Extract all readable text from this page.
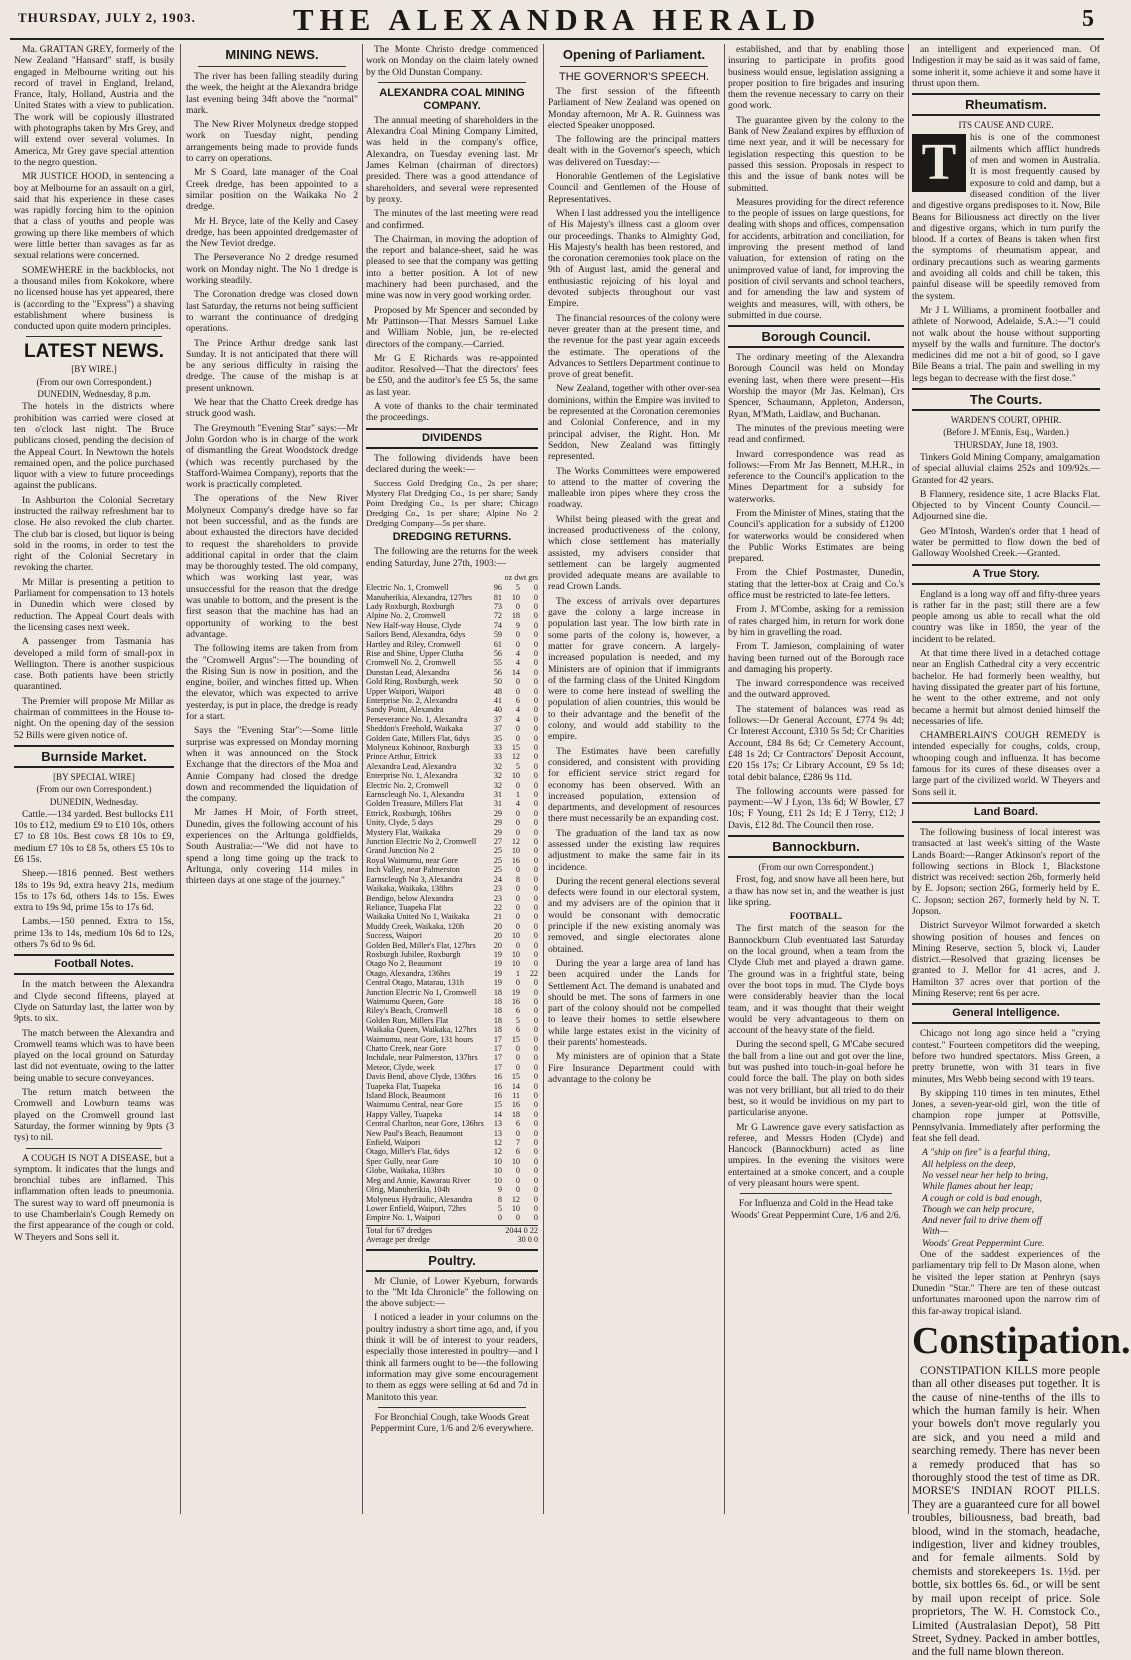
THURSDAY, JULY 2, 1903.	THE ALEXANDRA HERALD	5

Ma. GRATTAN GREY, formerly of the New Zealand "Hansard" staff, is busily engaged in Melbourne writing out his record of travel in England, Ireland, France, Italy, Holland, Austria and the United States with a view to publication. The work will be copiously illustrated with photographs taken by Mrs Grey, and will extend over several volumes. In America, Mr Grey gave special attention to the negro question.

MR JUSTICE HOOD, in sentencing a boy at Melbourne for an assault on a girl, said that his experience in these cases was rapidly forcing him to the opinion that a class of youths and people was growing up there like members of which were little better than savages as far as sexual relations were concerned.

SOMEWHERE in the backblocks, not a thousand miles from Kokokore, where no licensed house has yet appeared, there is (according to the "Express") a shaving establishment where business is conducted upon quite modern principles.

LATEST NEWS.
[BY WIRE.]
(From our own Correspondent.)
DUNEDIN, Wednesday, 8 p.m.

The hotels in the districts where prohibition was carried were closed at ten o'clock last night. The Bruce publicans closed, pending the decision of the Appeal Court. In Newtown the hotels remained open, and the police purchased liquor with a view to future proceedings against the publicans.

In Ashburton the Colonial Secretary instructed the railway refreshment bar to close. He also revoked the club charter. The club bar is closed, but liquor is being sold in the rooms, in order to test the right of the Colonial Secretary in revoking the charter.

Mr Millar is presenting a petition to Parliament for compensation to 13 hotels in Dunedin which were closed by reduction. The Appeal Court deals with the licensing cases next week.

A passenger from Tasmania has developed a mild form of small-pox in Wellington. There is another suspicious case. Both patients have been strictly quarantined.

The Premier will propose Mr Millar as chairman of committees in the House to-night. On the opening day of the session 52 Bills were given notice of.

Burnside Market.
[BY SPECIAL WIRE]
(From our own Correspondent.)
DUNEDIN, Wednesday.

Cattle.—134 yarded. Best bullocks £11 10s to £12, medium £9 to £10 10s, others £7 to £8 10s. Best cows £8 10s to £9, medium £7 10s to £8 5s, others £5 10s to £6 15s.

Sheep.—1816 penned. Best wethers 18s to 19s 9d, extra heavy 21s, medium 15s to 17s 6d, others 14s to 15s. Ewes extra to 19s 9d, prime 15s to 17s 6d.

Lambs.—150 penned. Extra to 15s, prime 13s to 14s, medium 10s 6d to 12s, others 7s 6d to 9s 6d.

Football Notes.

In the match between the Alexandra and Clyde second fifteens, played at Clyde on Saturday last, the latter won by 9pts. to six.

The match between the Alexandra and Cromwell teams which was to have been played on the local ground on Saturday last did not eventuate, owing to the latter being unable to secure conveyances.

The return match between the Cromwell and Lowburn teams was played on the Cromwell ground last Saturday, the former winning by 9pts (3 tys) to nil.

A COUGH IS NOT A DISEASE, but a symptom. It indicates that the lungs and bronchial tubes are inflamed. This inflammation often leads to pneumonia. The surest way to ward off pneumonia is to use Chamberlain's Cough Remedy on the first appearance of the cough or cold. W Theyers and Sons sell it.

MINING NEWS.

The river has been falling steadily during the week, the height at the Alexandra bridge last evening being 34ft above the "normal" mark.

The New River Molyneux dredge stopped work on Tuesday night, pending arrangements being made to provide funds to carry on operations.

Mr S Coard, late manager of the Coal Creek dredge, has been appointed to a similar position on the Waikaka No 2 dredge.

Mr H. Bryce, late of the Kelly and Casey dredge, has been appointed dredgemaster of the New Teviot dredge.

The Perseverance No 2 dredge resumed work on Monday night. The No 1 dredge is working steadily.

The Coronation dredge was closed down last Saturday, the returns not being sufficient to warrant the continuance of dredging operations.

The Prince Arthur dredge sank last Sunday. It is not anticipated that there will be any serious difficulty in raising the dredge. The cause of the mishap is at present unknown.

We hear that the Chatto Creek dredge has struck good wash.

The Greymouth "Evening Star" says:—Mr John Gordon who is in charge of the work of dismantling the Great Woodstock dredge (which was recently purchased by the Stafford-Waimea Company), reports that the work is practically completed.

The operations of the New River Molyneux Company's dredge have so far not been successful, and as the funds are about exhausted the directors have decided to request the shareholders to provide additional capital in order that the claim may be thoroughly tested. The old company, which was working last year, was unsuccessful for the reason that the dredge was unable to bottom, and the present is the first season that the machine has had an opportunity of working to the best advantage.

The following items are taken from from the "Cromwell Argus":—The bounding of the Rising Sun is now in position, and the engine, boiler, and winches fitted up. When the elevator, which was expected to arrive yesterday, is put in place, the dredge is ready for a start.

Says the "Evening Star":—Some little surprise was expressed on Monday morning when it was announced on the Stock Exchange that the directors of the Moa and Annie Company had closed the dredge down and recommended the liquidation of the company.

Mr James H Moir, of Forth street, Dunedin, gives the following account of his experiences on the Arltunga goldfields, South Australia:—"We did not have to spend a long time going up the track to Arltunga, only covering 114 miles in thirteen days at one stage of the journey."

The Monte Christo dredge commenced work on Monday on the claim lately owned by the Old Dunstan Company.

ALEXANDRA COAL MINING COMPANY.

The annual meeting of shareholders in the Alexandra Coal Mining Company Limited, was held in the company's office, Alexandra, on Tuesday evening last. Mr James Kelman (chairman of directors) presided. There was a good attendance of shareholders, and several were represented by proxy.

The minutes of the last meeting were read and confirmed.

The Chairman, in moving the adoption of the report and balance-sheet, said he was pleased to see that the company was getting into a better position. A lot of new machinery had been purchased, and the mine was now in very good working order.

Proposed by Mr Spencer and seconded by Mr Pattinson—That Messrs Samuel Luke and William Noble, jun, be re-elected directors of the company.—Carried.

Mr G E Richards was re-appointed auditor. Resolved—That the directors' fees be £50, and the auditor's fee £5 5s, the same as last year.

A vote of thanks to the chair terminated the proceedings.

DIVIDENDS

The following dividends have been declared during the week:—

Success Gold Dredging Co., 2s per share; Mystery Flat Dredging Co., 1s per share; Sandy Point Dredging Co., 1s per share; Chicago Dredging Co., 1s per share; Alpine No 2 Dredging Company—5s per share.

DREDGING RETURNS.

The following are the returns for the week ending Saturday, June 27th, 1903:—

oz dwt grs
Electric No. 1, Cromwell	96	5	0
Manuherikia, Alexandra, 127hrs	81	10	0
Lady Roxburgh, Roxburgh	73	0	0
Alpine No. 2, Cromwell	72	18	0
New Half-way House, Clyde	74	9	0
Sailors Bend, Alexandra, 6dys	59	0	0
Hartley and Riley, Cromwell	61	0	0
Rise and Shine, Upper Clutha	56	4	0
Cromwell No. 2, Cromwell	55	4	0
Dunstan Lead, Alexandra	56	14	0
Gold Ring, Roxburgh, week	50	0	0
Upper Waipori, Waipori	48	0	0
Enterprise No. 2, Alexandra	41	6	0
Sandy Point, Alexandra	40	4	0
Perseverance No. 1, Alexandra	37	4	0
Sheddon's Freehold, Waikaka	37	0	0
Golden Gate, Millers Flat, 6dys	35	0	0
Molyneux Kohinoor, Roxburgh	33	15	0
Prince Arthur, Ettrick	33	12	0
Alexandra Lead, Alexandra	32	5	0
Enterprise No. 1, Alexandra	32	10	0
Electric No. 2, Cromwell	32	0	0
Earnscleugh No. 1, Alexandra	31	1	0
Golden Treasure, Millers Flat	31	4	0
Ettrick, Roxburgh, 106hrs	29	0	0
Unity, Clyde, 5 days	29	0	0
Mystery Flat, Waikaka	29	0	0
Junction Electric No 2, Cromwell	27	12	0
Grand Junction No 2	25	10	0
Royal Waimumu, near Gore	25	16	0
Inch Valley, near Palmerston	25	0	0
Earnscleugh No 3, Alexandra	24	8	0
Waikaka, Waikaka, 138hrs	23	0	0
Bendigo, below Alexandra	23	0	0
Reliance, Tuapeka Flat	22	0	0
Waikaka United No 1, Waikaka	21	0	0
Muddy Creek, Waikaka, 120h	20	0	0
Success, Waipori	20	10	0
Golden Bed, Miller's Flat, 127hrs	20	0	0
Roxburgh Jubilee, Roxburgh	19	10	0
Otago No 2, Beaumont	19	10	0
Otago, Alexandra, 136hrs	19	1	22
Central Otago, Matarau, 131h	19	0	0
Junction Electric No 1, Cromwell	18	19	0
Waimumu Queen, Gore	18	16	0
Riley's Beach, Cromwell	18	6	0
Golden Run, Millers Flat	18	5	0
Waikaka Queen, Waikaka, 127hrs	18	6	0
Waimumu, near Gore, 131 hours	17	15	0
Chatto Creek, near Gore	17	0	0
Inchdale, near Palmerston, 137hrs	17	0	0
Meteor, Clyde, week	17	0	0
Davis Bend, above Clyde, 130hrs	16	15	0
Tuapeka Flat, Tuapeka	16	14	0
Island Block, Beaumont	16	11	0
Waimumu Central, near Gore	15	16	0
Happy Valley, Tuapeka	14	18	0
Central Charlton, near Gore, 136hrs	13	6	0
New Paul's Beach, Beaumont	13	0	0
Enfield, Waipori	12	7	0
Otago, Miller's Flat, 6dys	12	6	0
Spec Gully, near Gore	10	10	0
Globe, Waikaka, 103hrs	10	0	0
Meg and Annie, Kawarau River	10	0	0
Olrig, Manuherikia, 104h	9	0	0
Molyneux Hydraulic, Alexandra	8	12	0
Lower Enfield, Waipori, 72hrs	5	10	0
Empire No. 1, Waipori	0	0	0
Total for 67 dredges	2044 0 22
Average per dredge	30 0 0
Poultry.

Mr Clunie, of Lower Kyeburn, forwards to the "Mt Ida Chronicle" the following on the above subject:—

I noticed a leader in your columns on the poultry industry a short time ago, and, if you think it will be of interest to your readers, especially those interested in poultry—and I think all farmers ought to be—the following information may give some encouragement to them as eggs were selling at 6d and 7d in Manitoto this year.

For Bronchial Cough, take Woods Great Peppermint Cure, 1/6 and 2/6 everywhere.

Opening of Parliament.
THE GOVERNOR'S SPEECH.

The first session of the fifteenth Parliament of New Zealand was opened on Monday afternoon, Mr A. R. Guinness was elected Speaker unopposed.

The following are the principal matters dealt with in the Governor's speech, which was delivered on Tuesday:—

Honorable Gentlemen of the Legislative Council and Gentlemen of the House of Representatives.

When I last addressed you the intelligence of His Majesty's illness cast a gloom over our proceedings. Thanks to Almighty God, His Majesty's health has been restored, and the coronation ceremonies took place on the 9th of August last, amid the general and enthusiastic rejoicing of his loyal and devoted subjects throughout our vast Empire.

The financial resources of the colony were never greater than at the present time, and the revenue for the past year again exceeds the estimate. The operations of the Advances to Settlers Department continue to prove of great benefit.

New Zealand, together with other over-sea dominions, within the Empire was invited to be represented at the Coronation ceremonies and Colonial Conference, and in my principal adviser, the Right. Hon. Mr Seddon, New Zealand was fittingly represented.

The Works Committees were empowered to attend to the matter of covering the malleable iron pipes where they cross the roadway.

Whilst being pleased with the great and increased productiveness of the colony, which close settlement has materially assisted, my advisers consider that settlement can be largely augmented provided adequate means are available to read Crown Lands.

The excess of arrivals over departures gave the colony a large increase in population last year. The low birth rate in some parts of the colony is, however, a matter for grave concern. A largely-increased population is needed, and my Ministers are of opinion that if immigrants of the farming class of the United Kingdom were to come here instead of swelling the population of alien countries, this would be to their advantage and the benefit of the colony, and would add stability to the empire.

The Estimates have been carefully considered, and consistent with providing for efficient service strict regard for economy has been observed. With an increased population, extension of departments, and development of resources there must necessarily be an expanding cost.

The graduation of the land tax as now assessed under the existing law requires adjustment to make the same fair in its incidence.

During the recent general elections several defects were found in our electoral system, and my advisers are of the opinion that it would be consonant with democratic principle if the new existing anomaly was removed, and single electorates alone obtained.

During the year a large area of land has been acquired under the Lands for Settlement Act. The demand is unabated and should be met. The sons of farmers in one part of the colony should not be compelled to leave their homes to settle elsewhere while large estates exist in the vicinity of their parents' homesteads.

My ministers are of opinion that a State Fire Insurance Department could with advantage to the colony be

established, and that by enabling those insuring to participate in profits good business would ensue, legislation assigning a proper position to fire brigades and insuring them the revenue necessary to carry on their good work.

The guarantee given by the colony to the Bank of New Zealand expires by effluxion of time next year, and it will be necessary for legislation respecting this question to be passed this session. Proposals in respect to this and the issue of bank notes will be submitted.

Measures providing for the direct reference to the people of issues on large questions, for dealing with shops and offices, compensation for accidents, arbitration and conciliation, for improving the present method of land valuation, for extension of rating on the unimproved value of land, for improving the position of civil servants and school teachers, and for amending the law and system of weights and measures, will, with others, be submitted in due course.

Borough Council.

The ordinary meeting of the Alexandra Borough Council was held on Monday evening last, when there were present—His Worship the mayor (Mr Jas. Kelman), Crs Spencer, Schaumann, Appleton, Anderson, Ryan, M'Math, Laidlaw, and Buchanan.

The minutes of the previous meeting were read and confirmed.

Inward correspondence was read as follows:—From Mr Jas Bennett, M.H.R., in reference to the Council's application to the Mines Department for a subsidy for waterworks.

From the Minister of Mines, stating that the Council's application for a subsidy of £1200 for waterworks would be considered when the Public Works Estimates are being prepared.

From the Chief Postmaster, Dunedin, stating that the letter-box at Craig and Co.'s office must be restricted to late-fee letters.

From J. M'Combe, asking for a remission of rates charged him, in return for work done by him in gravelling the road.

From T. Jamieson, complaining of water having been turned out of the Borough race and damaging his property.

The inward correspondence was received and the outward approved.

The statement of balances was read as follows:—Dr General Account, £774 9s 4d; Cr Interest Account, £310 5s 5d; Cr Charities Account, £84 8s 6d; Cr Cemetery Account, £48 1s 2d; Cr Contractors' Deposit Account, £20 15s 17s; Cr Library Account, £9 5s 1d; total debit balance, £286 9s 11d.

The following accounts were passed for payment:—W J Lyon, 13s 6d; W Bowler, £7 10s; F Young, £11 2s 1d; E J Terry, £12; J Davis, £12 8d. The Council then rose.

Bannockburn.
(From our own Correspondent.)

Frost, fog, and snow have all been here, but a thaw has now set in, and the weather is just like spring.

FOOTBALL.

The first match of the season for the Bannockburn Club eventuated last Saturday on the local ground, when a team from the Clyde Club met and played a drawn game. The ground was in a frightful state, being over the boot tops in mud. The Clyde boys were considerably heavier than the local team, and it was thought that their weight would be very advantageous to them on account of the heavy state of the field.

During the second spell, G M'Cabe secured the ball from a line out and got over the line, but was pushed into touch-in-goal before he could force the ball. The play on both sides was not very brilliant, but all tried to do their best, so it would be invidious on my part to particularise anyone.

Mr G Lawrence gave every satisfaction as referee, and Messrs Hoden (Clyde) and Hancock (Bannockburn) acted as line umpires. In the evening the visitors were entertained at a smoke concert, and a couple of very pleasant hours were spent.

For Influenza and Cold in the Head take Woods' Great Peppermint Cure, 1/6 and 2/6.

an intelligent and experienced man. Of Indigestion it may be said as it was said of fame, some inherit it, some achieve it and some have it thrust upon them.

Rheumatism.
ITS CAUSE AND CURE.
T	his is one of the commonest ailments which afflict hundreds of men and women in Australia. It is most frequently caused by exposure to cold and damp, but a diseased condition of the liver and digestive organs predisposes to it. Now, Bile Beans for Biliousness act directly on the liver and digestive organs, which in turn purify the blood. If a cortex of Beans is taken when first the symptoms of rheumatism appear, and ordinary precautions such as wearing garments and avoiding all colds and chill be taken, this painful disease will be speedily removed from the system.

Mr J L Williams, a prominent footballer and athlete of Norwood, Adelaide, S.A.:—"I could not walk about the house without supporting myself by the walls and furniture. The doctor's medicines did me not a bit of good, so I gave Bile Beans a trial. The pain and swelling in my legs began to decrease with the first dose."

The Courts.
WARDEN'S COURT, OPHIR.
(Before J. M'Ennis, Esq., Warden.)
THURSDAY, June 18, 1903.

Tinkers Gold Mining Company, amalgamation of special alluvial claims 252s and 109/92s.—Granted for 42 years.

B Flannery, residence site, 1 acre Blacks Flat. Objected to by Vincent County Council.—Adjourned sine die.

Geo M'Intosh, Warden's order that 1 head of water be permitted to flow down the bed of Galloway Woolshed Creek.—Granted.

A True Story.

England is a long way off and fifty-three years is rather far in the past; still there are a few people among us able to recall what the old country was like in 1850, the year of the incident to be related.

At that time there lived in a detached cottage near an English Cathedral city a very eccentric bachelor. He had formerly been wealthy, but having dissipated the greater part of his fortune, he went to the other extreme, and not only became a hermit but almost denied himself the necessaries of life.

CHAMBERLAIN'S COUGH REMEDY is intended especially for coughs, colds, croup, whooping cough and influenza. It has become famous for its cures of these diseases over a large part of the civilized world. W Theyers and Sons sell it.

Land Board.

The following business of local interest was transacted at last week's sitting of the Waste Lands Board:—Ranger Atkinson's report of the following sections in Block 1, Blackstone district was received: section 26b, formerly held by E. Jopson; section 26G, formerly held by E. C. Jopson; section 267, formerly held by N. T. Jopson.

District Surveyor Wilmot forwarded a sketch showing position of houses and fences on Mining Reserve, section 5, block vi, Lauder district.—Resolved that grazing licenses be granted to J. Mellor for 41 acres, and J. Hamilton 37 acres over that portion of the Mining Reserve; rent 6s per acre.

General Intelligence.

Chicago not long ago since held a "crying contest." Fourteen competitors did the weeping, before two hundred spectators. Miss Green, a pretty brunette, won with 31 tears in five minutes, Mrs Webb being second with 19 tears.

By skipping 110 times in ten minutes, Ethel Jones, a seven-year-old girl, won the title of champion rope jumper at Pottsville, Pennsylvania. Immediately after performing the feat she fell dead.

A "ship on fire" is a fearful thing,
All helpless on the deep,
No vessel near her help to bring,
While flames about her leap;
A cough or cold is bad enough,
Though we can help procure,
And never fail to drive them off
With—
Woods' Great Peppermint Cure.

One of the saddest experiences of the parliamentary trip fell to Dr Mason alone, when he visited the leper station at Penhryn (says Dunedin "Star." There are ten of these outcast unfortunates marooned upon the narrow rim of this far-away tropical island.

Constipation.

CONSTIPATION KILLS more people than all other diseases put together. It is the cause of nine-tenths of the ills to which the human family is heir. When your bowels don't move regularly you are sick, and you need a mild and searching remedy. There has never been a remedy produced that has so thoroughly stood the test of time as DR. MORSE'S INDIAN ROOT PILLS. They are a guaranteed cure for all bowel troubles, biliousness, bad breath, bad blood, wind in the stomach, headache, indigestion, liver and kidney troubles, and for female ailments. Sold by chemists and storekeepers 1s. 1½d. per bottle, six bottles 6s. 6d., or will be sent by mail upon receipt of price. Sole proprietors, The W. H. Comstock Co., Limited (Australasian Depot), 58 Pitt Street, Sydney. Packed in amber bottles, and the full name blown thereon.
